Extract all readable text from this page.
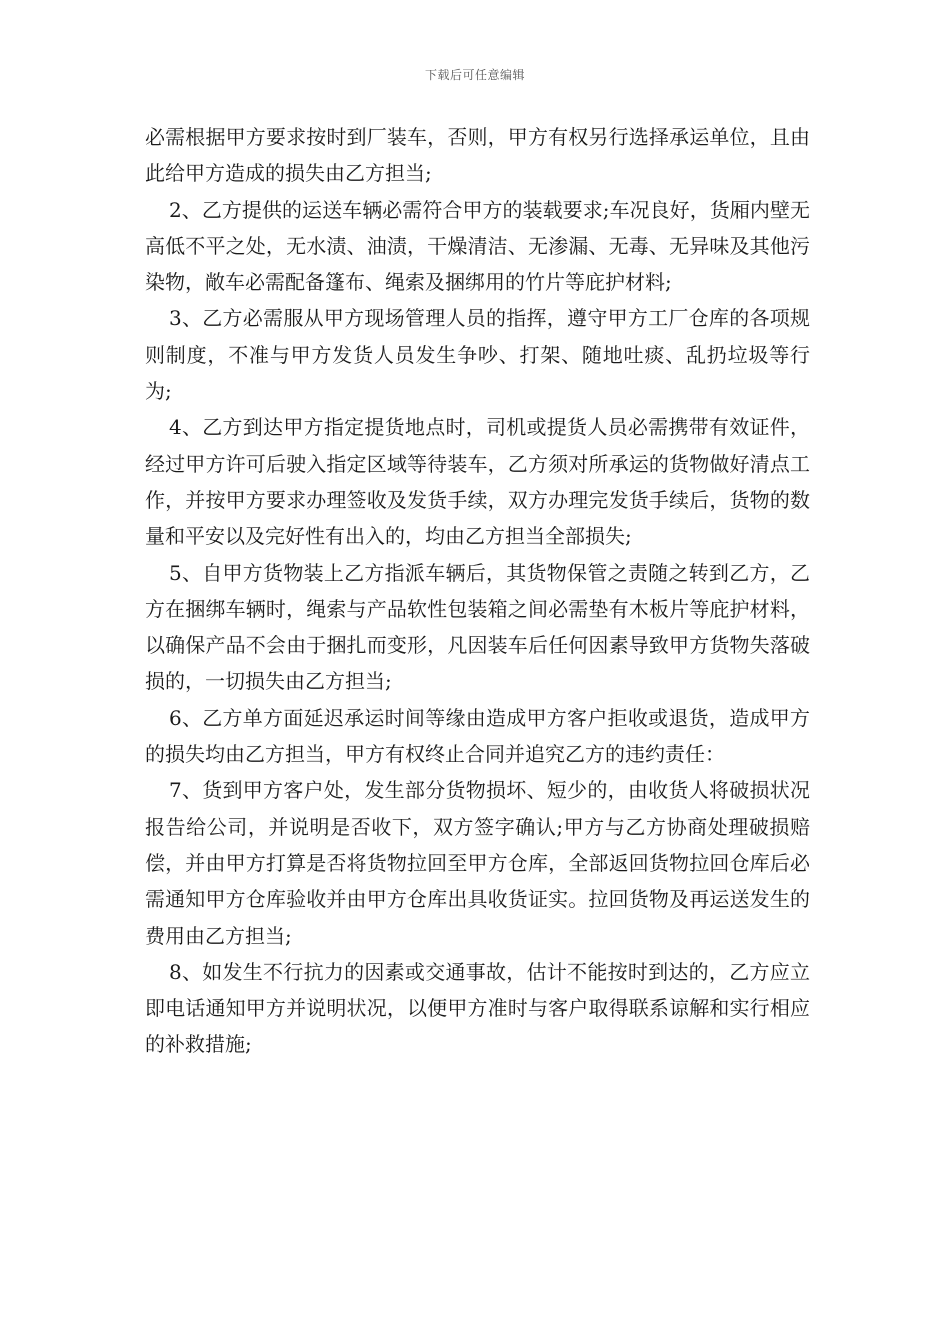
下载后可任意编辑

必需根据甲方要求按时到厂装车，否则，甲方有权另行选择承运单位，且由此给甲方造成的损失由乙方担当;

2、乙方提供的运送车辆必需符合甲方的装载要求;车况良好，货厢内壁无高低不平之处，无水渍、油渍，干燥清洁、无渗漏、无毒、无异味及其他污染物，敞车必需配备篷布、绳索及捆绑用的竹片等庇护材料;

3、乙方必需服从甲方现场管理人员的指挥，遵守甲方工厂仓库的各项规则制度，不准与甲方发货人员发生争吵、打架、随地吐痰、乱扔垃圾等行为;

4、乙方到达甲方指定提货地点时，司机或提货人员必需携带有效证件，经过甲方许可后驶入指定区域等待装车，乙方须对所承运的货物做好清点工作，并按甲方要求办理签收及发货手续，双方办理完发货手续后，货物的数量和平安以及完好性有出入的，均由乙方担当全部损失;

5、自甲方货物装上乙方指派车辆后，其货物保管之责随之转到乙方，乙方在捆绑车辆时，绳索与产品软性包装箱之间必需垫有木板片等庇护材料，以确保产品不会由于捆扎而变形，凡因装车后任何因素导致甲方货物失落破损的，一切损失由乙方担当;

6、乙方单方面延迟承运时间等缘由造成甲方客户拒收或退货，造成甲方的损失均由乙方担当，甲方有权终止合同并追究乙方的违约责任：

7、货到甲方客户处，发生部分货物损坏、短少的，由收货人将破损状况报告给公司，并说明是否收下，双方签字确认;甲方与乙方协商处理破损赔偿，并由甲方打算是否将货物拉回至甲方仓库，全部返回货物拉回仓库后必需通知甲方仓库验收并由甲方仓库出具收货证实。拉回货物及再运送发生的费用由乙方担当;

8、如发生不行抗力的因素或交通事故，估计不能按时到达的，乙方应立即电话通知甲方并说明状况，以便甲方准时与客户取得联系谅解和实行相应的补救措施;
